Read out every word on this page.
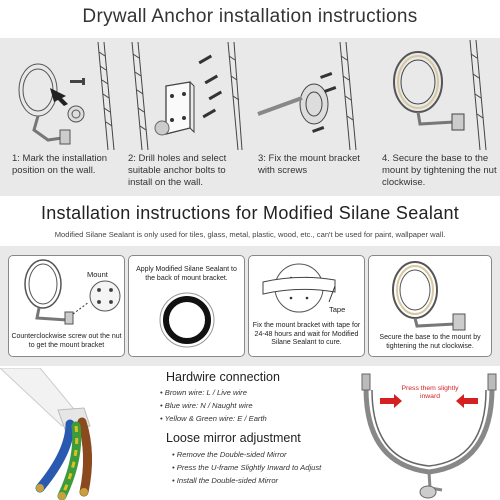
Drywall Anchor installation instructions
1: Mark the installation position on the wall.
2: Drill holes and select suitable anchor bolts to install on the wall.
3: Fix the mount bracket with screws
4. Secure the base to the mount by tightening the nut clockwise.
Installation instructions for Modified Silane Sealant
Modified Silane Sealant is only used for tiles, glass, metal, plastic, wood, etc., can't be used for paint, wallpaper wall.
Mount
Counterclockwise screw out the nut to get the mount bracket
Apply Modified Silane Sealant to the back of mount bracket.
Tape
Fix the mount bracket with tape for 24-48 hours and wait for Modified Silane Sealant to cure.
Secure the base to the mount by tightening the nut clockwise.
Hardwire connection
• Brown wire: L / Live wire
• Blue wire: N / Naught wire
• Yellow & Green wire: E / Earth
Loose mirror adjustment
• Remove the Double-sided Mirror
• Press the U-frame Slightly Inward to Adjust
• Install the Double-sided Mirror
Press them slightly inward
